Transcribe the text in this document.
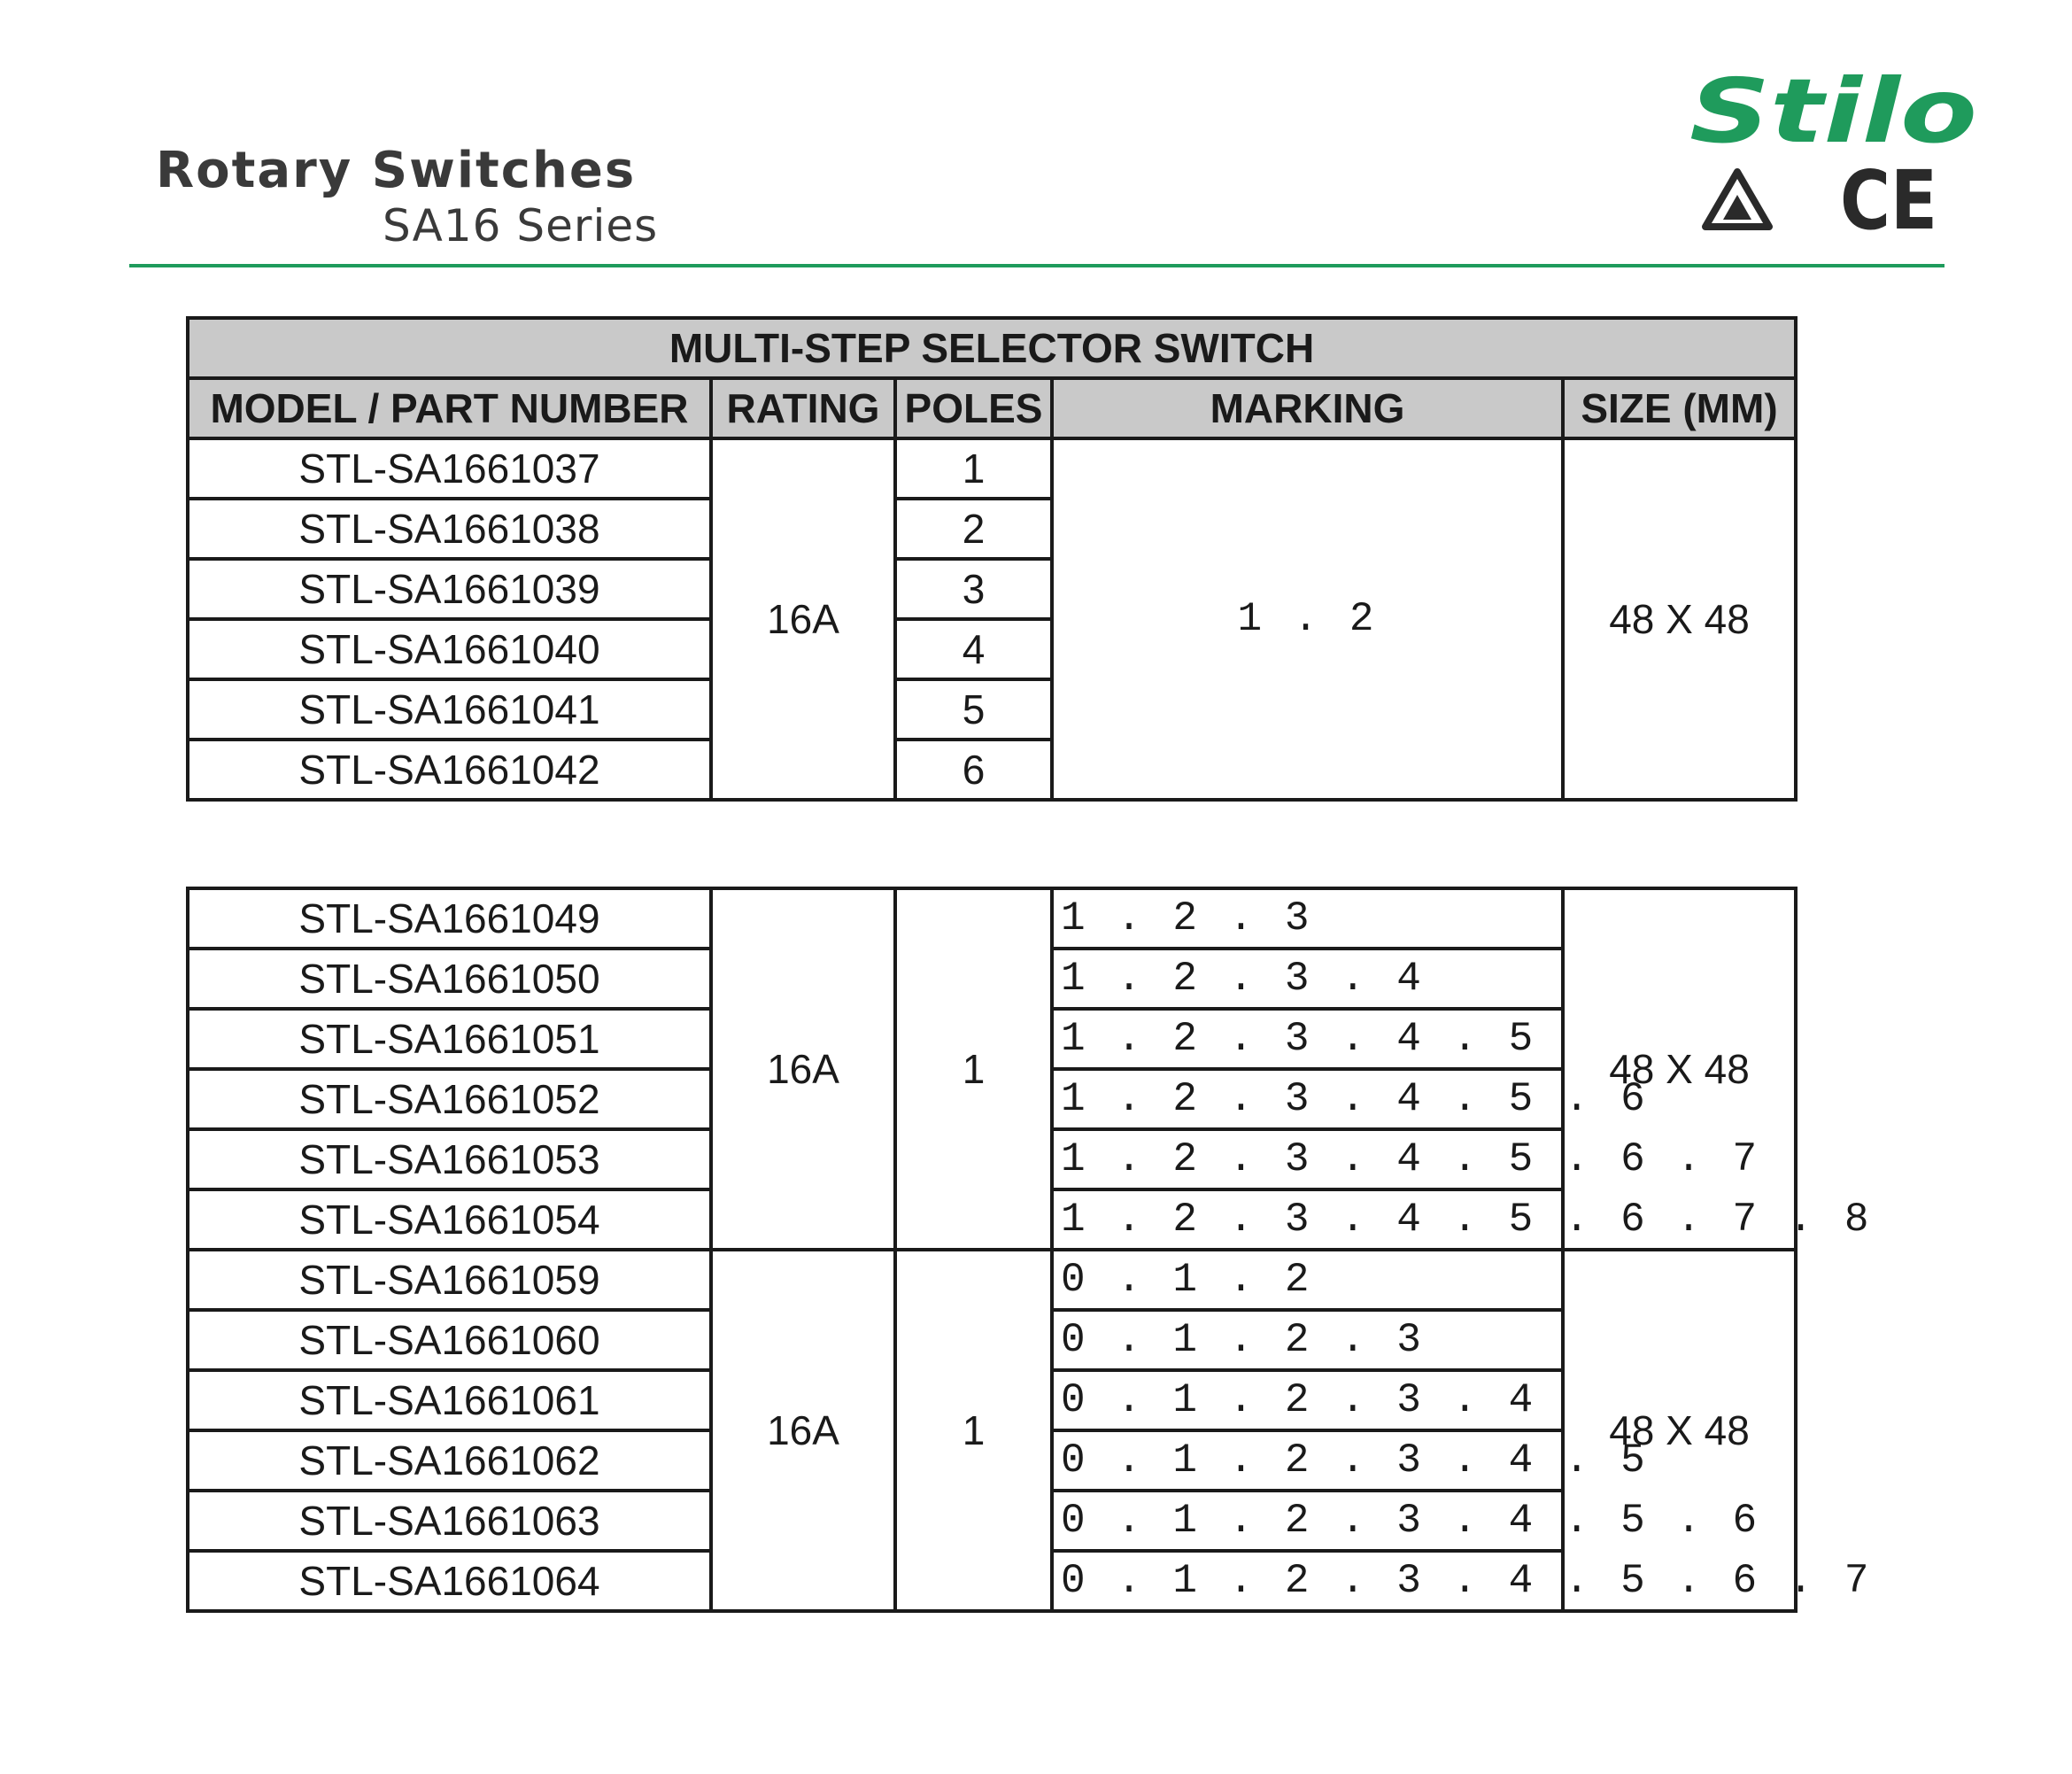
Rotary Switches
SA16 Series
Stilo
CE
MULTI-STEP SELECTOR SWITCH				
MODEL / PART NUMBER	RATING	POLES	MARKING	SIZE (MM)
STL-SA1661037	16A	1	1 . 2	48 X 48
STL-SA1661038		2		
STL-SA1661039		3		
STL-SA1661040		4		
STL-SA1661041		5		
STL-SA1661042		6		
STL-SA1661049	16A	1	1 . 2 . 3	48 X 48
STL-SA1661050			1 . 2 . 3 . 4	
STL-SA1661051			1 . 2 . 3 . 4 . 5	
STL-SA1661052			1 . 2 . 3 . 4 . 5 . 6	
STL-SA1661053			1 . 2 . 3 . 4 . 5 . 6 . 7	
STL-SA1661054			1 . 2 . 3 . 4 . 5 . 6 . 7 . 8	
STL-SA1661059	16A	1	0 . 1 . 2	48 X 48
STL-SA1661060			0 . 1 . 2 . 3	
STL-SA1661061			0 . 1 . 2 . 3 . 4	
STL-SA1661062			0 . 1 . 2 . 3 . 4 . 5	
STL-SA1661063			0 . 1 . 2 . 3 . 4 . 5 . 6	
STL-SA1661064			0 . 1 . 2 . 3 . 4 . 5 . 6 . 7	
